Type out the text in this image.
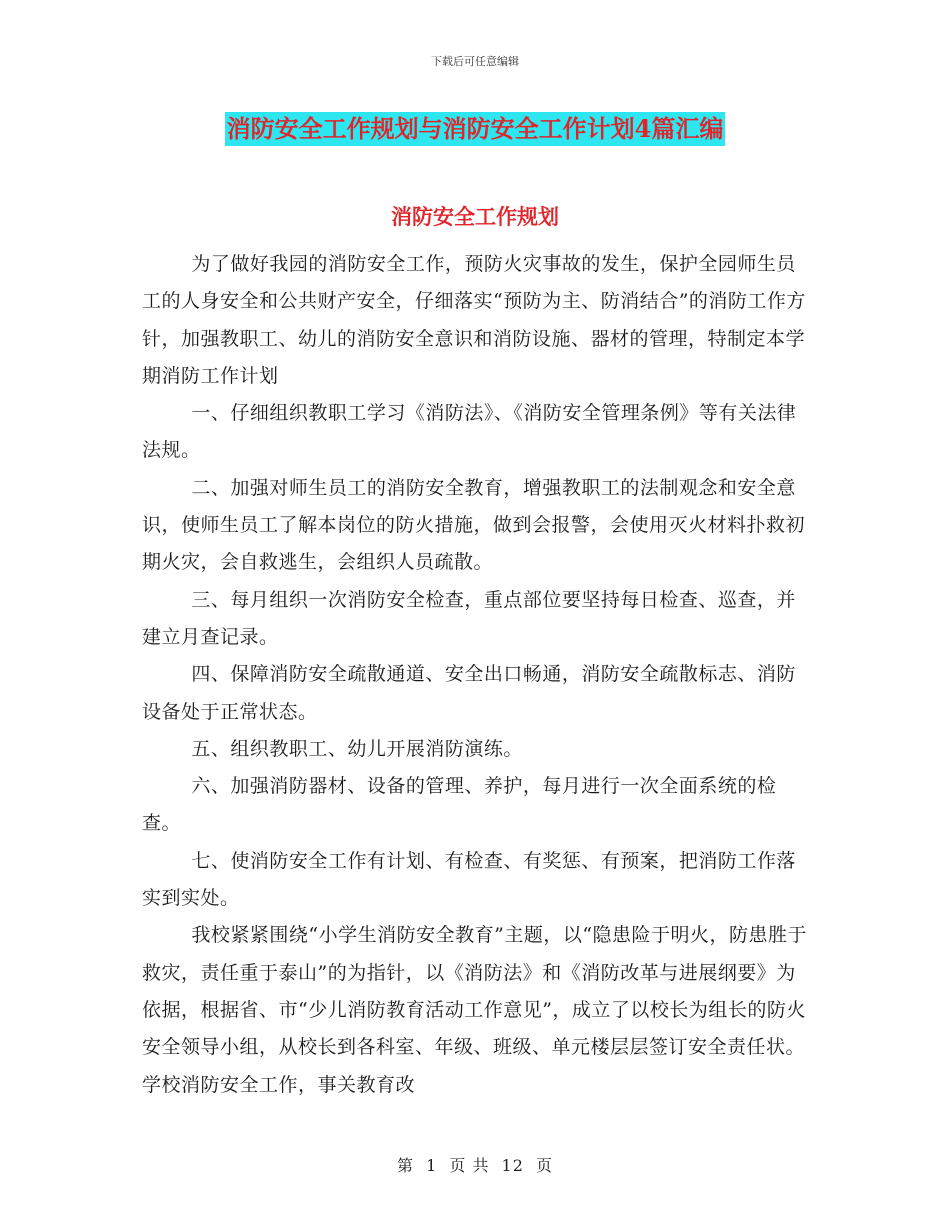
下载后可任意编辑
消防安全工作规划与消防安全工作计划4篇汇编
消防安全工作规划

为了做好我园的消防安全工作，预防火灾事故的发生，保护全园师生员工的人身安全和公共财产安全，仔细落实“预防为主、防消结合”的消防工作方针，加强教职工、幼儿的消防安全意识和消防设施、器材的管理，特制定本学期消防工作计划

一、仔细组织教职工学习《消防法》、《消防安全管理条例》等有关法律法规。

二、加强对师生员工的消防安全教育，增强教职工的法制观念和安全意识，使师生员工了解本岗位的防火措施，做到会报警，会使用灭火材料扑救初期火灾，会自救逃生，会组织人员疏散。

三、每月组织一次消防安全检查，重点部位要坚持每日检查、巡查，并建立月查记录。

四、保障消防安全疏散通道、安全出口畅通，消防安全疏散标志、消防设备处于正常状态。

五、组织教职工、幼儿开展消防演练。

六、加强消防器材、设备的管理、养护，每月进行一次全面系统的检查。

七、使消防安全工作有计划、有检查、有奖惩、有预案，把消防工作落实到实处。

我校紧紧围绕“小学生消防安全教育”主题，以“隐患险于明火，防患胜于救灾，责任重于泰山”的为指针，以《消防法》和《消防改革与进展纲要》为依据，根据省、市“少儿消防教育活动工作意见”，成立了以校长为组长的防火安全领导小组，从校长到各科室、年级、班级、单元楼层层签订安全责任状。学校消防安全工作，事关教育改

第 1 页 共 12 页
